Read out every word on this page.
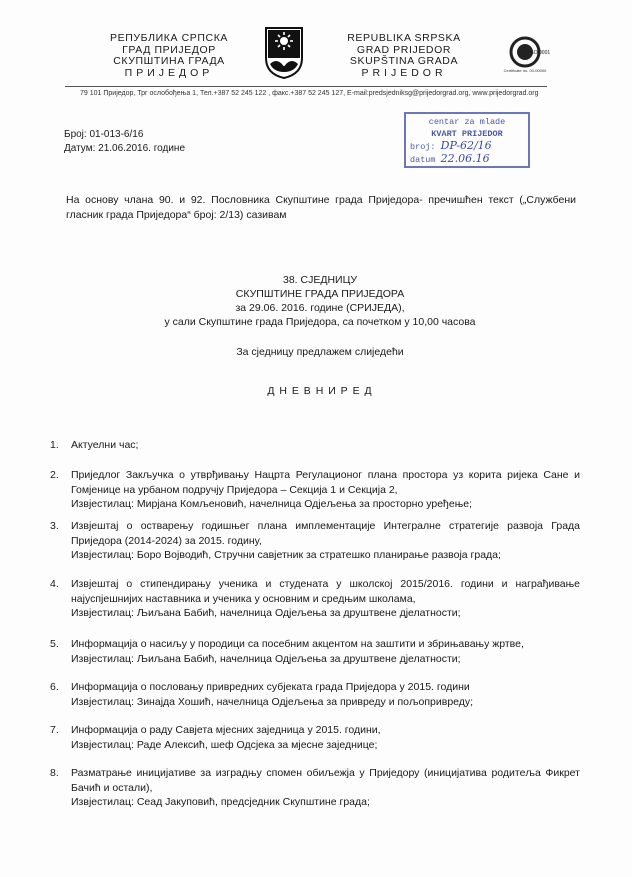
РЕПУБЛИКА СРПСКА
ГРАД ПРИЈЕДОР
СКУПШТИНА ГРАДА
ПРИЈЕДОР
REPUBLIKA SRPSKA
GRAD PRIJEDOR
SKUPŠTINA GRADA
PRIJEDOR
ISO 9001
Certificate no. 00-00000
79 101 Приједор, Трг ослобођења 1, Тел.+387 52 245 122 , факс.+387 52 245 127, E-mail:predsjedniksg@prijedorgrad.org, www.prijedorgrad.org
Број: 01-013-6/16
Датум: 21.06.2016. године
centar za mlade
KVART PRIJEDOR
broj: DP-62/16
datum 22.06.16
На основу члана 90. и 92. Пословника Скупштине града Приједора- пречишћен текст („Службени гласник града Приједора“ број: 2/13) сазивам
38. СЈЕДНИЦУ
СКУПШТИНЕ ГРАДА ПРИЈЕДОРА
за 29.06. 2016. године (СРИЈЕДА),
у сали Скупштине града Приједора, са почетком у 10,00 часова
За сједницу предлажем слиједећи
Д Н Е В Н И Р Е Д
1. Актуелни час;
2. Приједлог Закључка о утврђивању Нацрта Регулационог плана простора уз корита ријека Сане и Гомјенице на урбаном подручју Приједора – Секција 1 и Секција 2,
Извјестилац: Мирјана Комљеновић, начелница Одјељења за просторно уређење;
3. Извјештај о остварењу годишњег плана имплементације Интегралне стратегије развоја Града Приједора (2014-2024) за 2015. годину,
Извјестилац: Боро Војводић, Стручни савјетник за стратешко планирање развоја града;
4. Извјештај о стипендирању ученика и студената у школској 2015/2016. години и награђивање најуспјешнијих наставника и ученика у основним и средњим школама,
Извјестилац: Љиљана Бабић, начелница Одјељења за друштвене дјелатности;
5. Информација о насиљу у породици са посебним акцентом на заштити и збрињавању жртве,
Извјестилац: Љиљана Бабић, начелница Одјељења за друштвене дјелатности;
6. Информација о пословању привредних субјеката града Приједора у 2015. години
Извјестилац: Зинајда Хошић, начелница Одјељења за привреду и пољопривреду;
7. Информација о раду Савјета мјесних заједница у 2015. години,
Извјестилац: Раде Алексић, шеф Одсјека за мјесне заједнице;
8. Разматрање иницијативе за изградњу спомен обиљежја у Приједору (иницијатива родитеља Фикрет Бачић и остали),
Извјестилац: Сеад Јакуповић, предсједник Скупштине града;
